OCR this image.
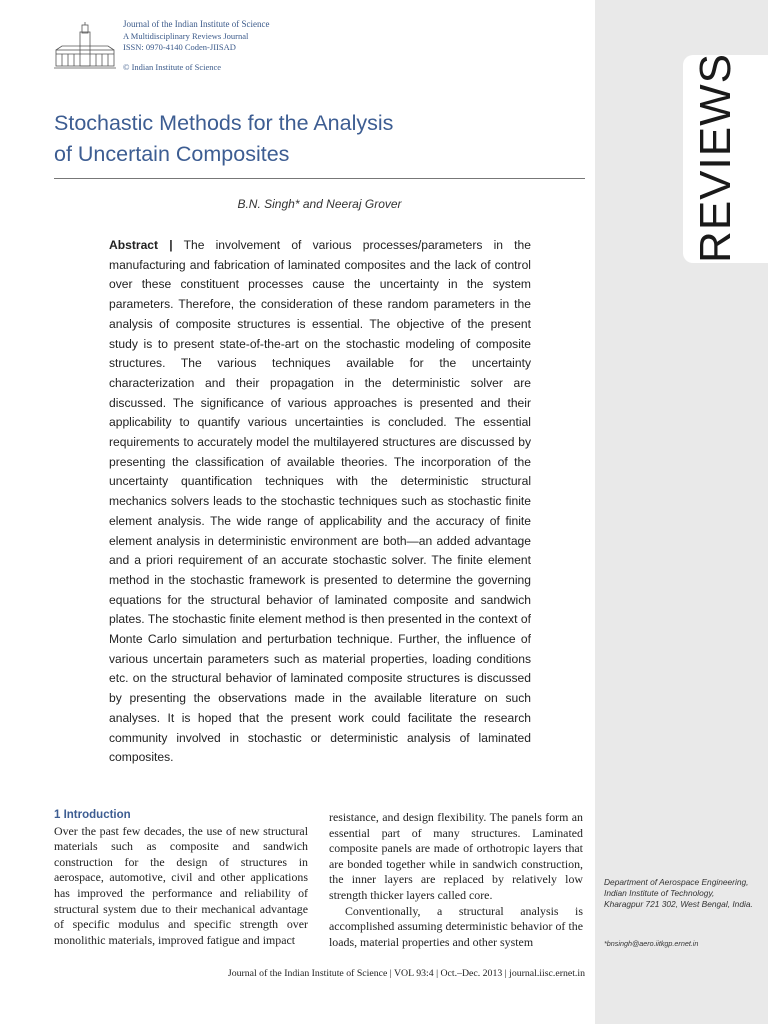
REVIEWS
Journal of the Indian Institute of Science
A Multidisciplinary Reviews Journal
ISSN: 0970-4140 Coden-JIISAD
© Indian Institute of Science
Stochastic Methods for the Analysis
of Uncertain Composites
B.N. Singh* and Neeraj Grover

Abstract | The involvement of various processes/parameters in the manufacturing and fabrication of laminated composites and the lack of control over these constituent processes cause the uncertainty in the system parameters. Therefore, the consideration of these random parameters in the analysis of composite structures is essential. The objective of the present study is to present state-of-the-art on the stochastic modeling of composite structures. The various techniques available for the uncertainty characterization and their propagation in the deterministic solver are discussed. The significance of various approaches is presented and their applicability to quantify various uncertainties is concluded. The essential requirements to accurately model the multilayered structures are discussed by presenting the classification of available theories. The incorporation of the uncertainty quantification techniques with the deterministic structural mechanics solvers leads to the stochastic techniques such as stochastic finite element analysis. The wide range of applicability and the accuracy of finite element analysis in deterministic environment are both—an added advantage and a priori requirement of an accurate stochastic solver. The finite element method in the stochastic framework is presented to determine the governing equations for the structural behavior of laminated composite and sandwich plates. The stochastic finite element method is then presented in the context of Monte Carlo simulation and perturbation technique. Further, the influence of various uncertain parameters such as material properties, loading conditions etc. on the structural behavior of laminated composite structures is discussed by presenting the observations made in the available literature on such analyses. It is hoped that the present work could facilitate the research community involved in stochastic or deterministic analysis of laminated composites.

1 Introduction
Over the past few decades, the use of new structural materials such as composite and sandwich construction for the design of structures in aerospace, automotive, civil and other applications has improved the performance and reliability of structural system due to their mechanical advantage of specific modulus and specific strength over monolithic materials, improved fatigue and impact
resistance, and design flexibility. The panels form an essential part of many structures. Laminated composite panels are made of orthotropic layers that are bonded together while in sandwich construction, the inner layers are replaced by relatively low strength thicker layers called core.
Conventionally, a structural analysis is accomplished assuming deterministic behavior of the loads, material properties and other system
Department of Aerospace Engineering, Indian Institute of Technology, Kharagpur 721 302, West Bengal, India.
*bnsingh@aero.iitkgp.ernet.in
Journal of the Indian Institute of Science | VOL 93:4 | Oct.–Dec. 2013 | journal.iisc.ernet.in
